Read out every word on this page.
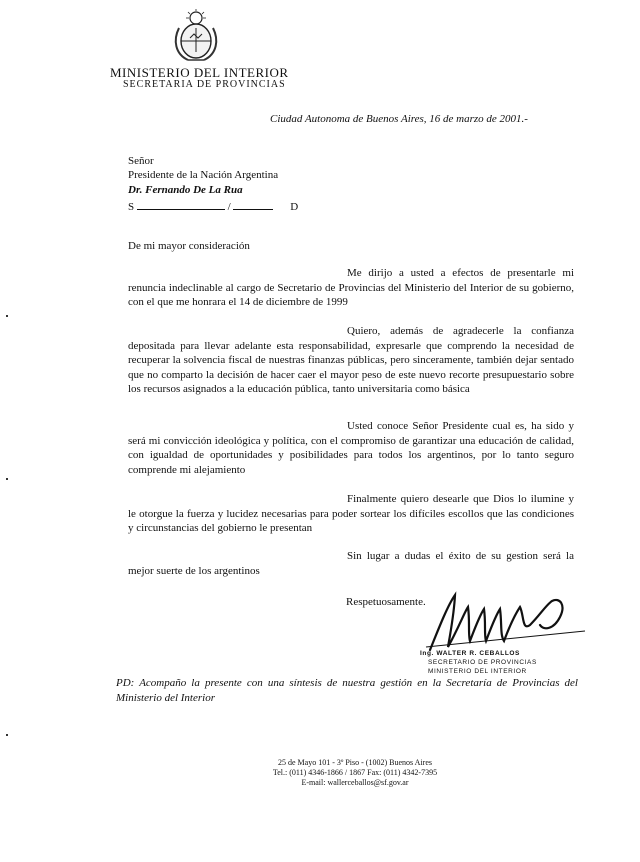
MINISTERIO DEL INTERIOR
SECRETARIA DE PROVINCIAS
Ciudad Autonoma de Buenos Aires, 16 de marzo de 2001.-
Señor
Presidente de la Nación Argentina
Dr. Fernando De La Rua
S	/	D
De mi mayor consideración

Me dirijo a usted a efectos de presentarle mi renuncia indeclinable al cargo de Secretario de Provincias del Ministerio del Interior de su gobierno, con el que me honrara el 14 de diciembre de 1999

Quiero, además de agradecerle la confianza depositada para llevar adelante esta responsabilidad, expresarle que comprendo la necesidad de recuperar la solvencia fiscal de nuestras finanzas públicas, pero sinceramente, también dejar sentado que no comparto la decisión de hacer caer el mayor peso de este nuevo recorte presupuestario sobre los recursos asignados a la educación pública, tanto universitaria como básica

Usted conoce Señor Presidente cual es, ha sido y será mi convicción ideológica y política, con el compromiso de garantizar una educación de calidad, con igualdad de oportunidades y posibilidades para todos los argentinos, por lo tanto seguro comprende mi alejamiento

Finalmente quiero desearle que Dios lo ilumine y le otorgue la fuerza y lucidez necesarias para poder sortear los difíciles escollos que las condiciones y circunstancias del gobierno le presentan

Sin lugar a dudas el éxito de su gestion será la mejor suerte de los argentinos

Respetuosamente.
Ing. WALTER R. CEBALLOS
SECRETARIO DE PROVINCIAS
MINISTERIO DEL INTERIOR

PD: Acompaño la presente con una síntesis de nuestra gestión en la Secretaría de Provincias del Ministerio del Interior

25 de Mayo 101 - 3º Piso - (1002) Buenos Aires
Tel.: (011) 4346-1866 / 1867 Fax: (011) 4342-7395
E-mail: wallerceballos@sf.gov.ar
